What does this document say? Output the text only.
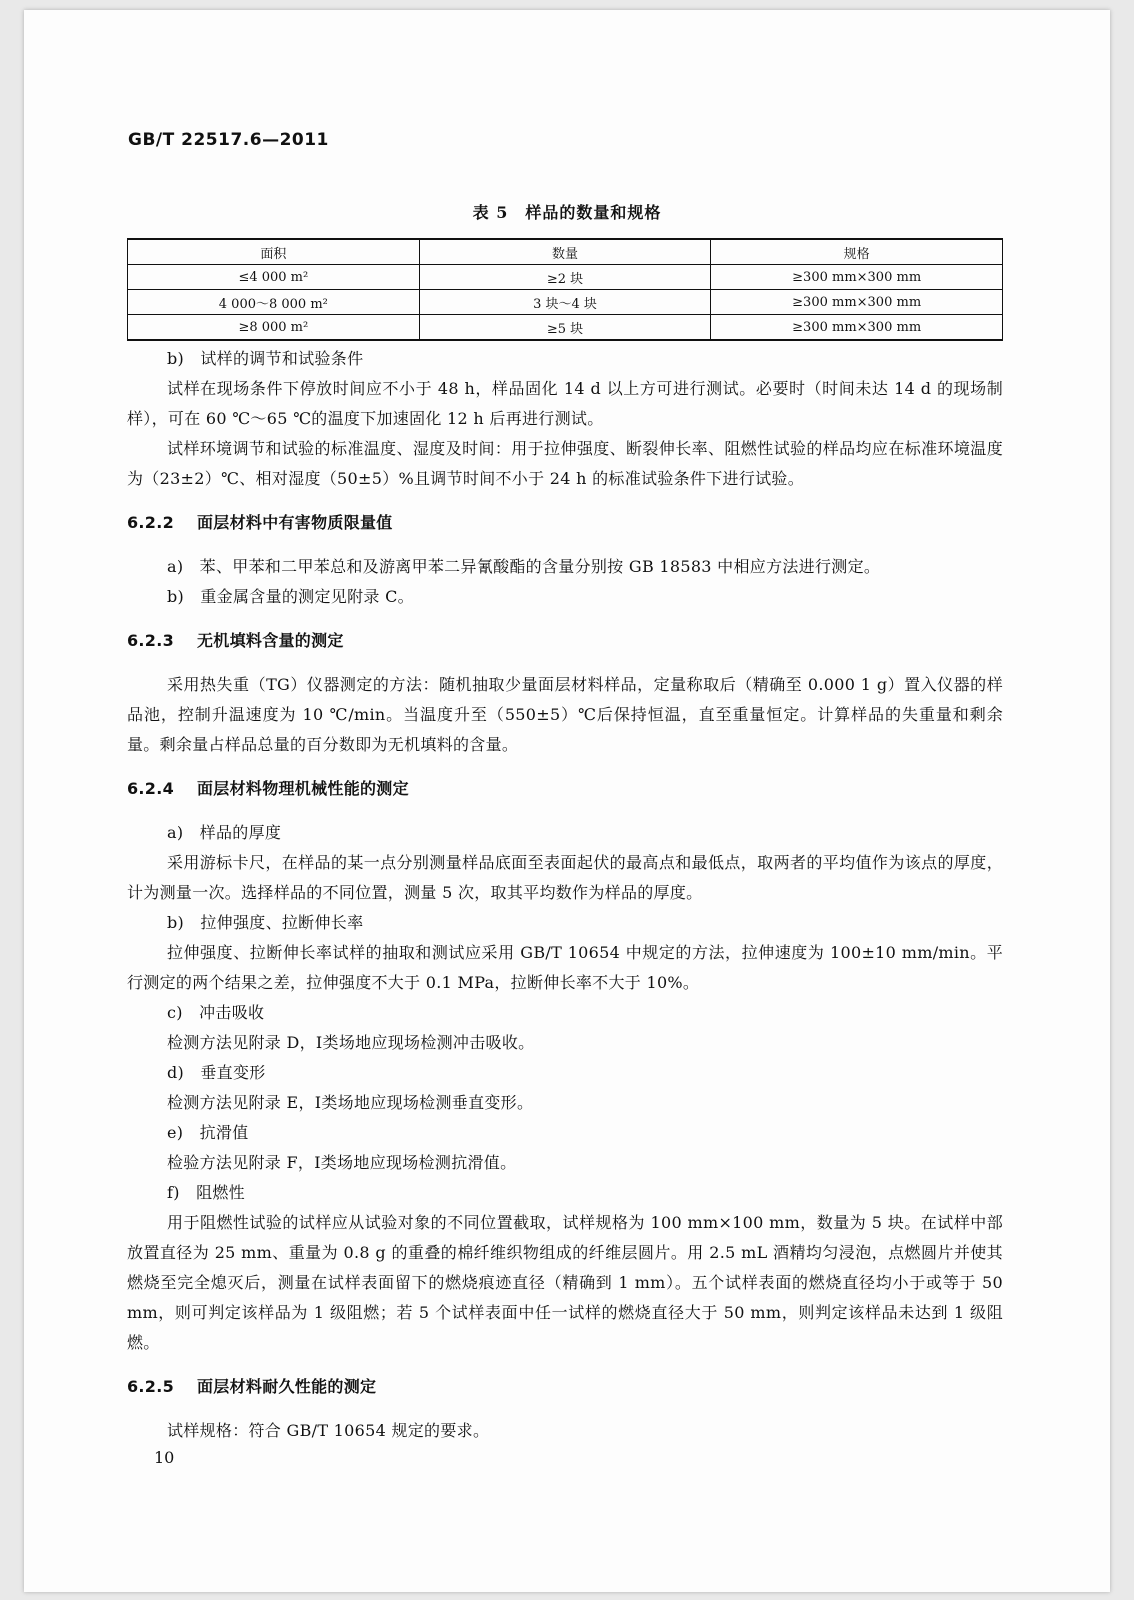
GB/T 22517.6—2011
表 5　样品的数量和规格
面积	数量	规格
≤4 000 m²	≥2 块	≥300 mm×300 mm
4 000～8 000 m²	3 块～4 块	≥300 mm×300 mm
≥8 000 m²	≥5 块	≥300 mm×300 mm

b)　试样的调节和试验条件

试样在现场条件下停放时间应不小于 48 h，样品固化 14 d 以上方可进行测试。必要时（时间未达 14 d 的现场制样），可在 60 ℃～65 ℃的温度下加速固化 12 h 后再进行测试。

试样环境调节和试验的标准温度、湿度及时间：用于拉伸强度、断裂伸长率、阻燃性试验的样品均应在标准环境温度为（23±2）℃、相对湿度（50±5）%且调节时间不小于 24 h 的标准试验条件下进行试验。

6.2.2 面层材料中有害物质限量值

a)　苯、甲苯和二甲苯总和及游离甲苯二异氰酸酯的含量分别按 GB 18583 中相应方法进行测定。

b)　重金属含量的测定见附录 C。

6.2.3 无机填料含量的测定

采用热失重（TG）仪器测定的方法：随机抽取少量面层材料样品，定量称取后（精确至 0.000 1 g）置入仪器的样品池，控制升温速度为 10 ℃/min。当温度升至（550±5）℃后保持恒温，直至重量恒定。计算样品的失重量和剩余量。剩余量占样品总量的百分数即为无机填料的含量。

6.2.4 面层材料物理机械性能的测定

a)　样品的厚度

采用游标卡尺，在样品的某一点分别测量样品底面至表面起伏的最高点和最低点，取两者的平均值作为该点的厚度，计为测量一次。选择样品的不同位置，测量 5 次，取其平均数作为样品的厚度。

b)　拉伸强度、拉断伸长率

拉伸强度、拉断伸长率试样的抽取和测试应采用 GB/T 10654 中规定的方法，拉伸速度为 100±10 mm/min。平行测定的两个结果之差，拉伸强度不大于 0.1 MPa，拉断伸长率不大于 10%。

c)　冲击吸收

检测方法见附录 D，Ⅰ类场地应现场检测冲击吸收。

d)　垂直变形

检测方法见附录 E，Ⅰ类场地应现场检测垂直变形。

e)　抗滑值

检验方法见附录 F，Ⅰ类场地应现场检测抗滑值。

f)　阻燃性

用于阻燃性试验的试样应从试验对象的不同位置截取，试样规格为 100 mm×100 mm，数量为 5 块。在试样中部放置直径为 25 mm、重量为 0.8 g 的重叠的棉纤维织物组成的纤维层圆片。用 2.5 mL 酒精均匀浸泡，点燃圆片并使其燃烧至完全熄灭后，测量在试样表面留下的燃烧痕迹直径（精确到 1 mm）。五个试样表面的燃烧直径均小于或等于 50 mm，则可判定该样品为 1 级阻燃；若 5 个试样表面中任一试样的燃烧直径大于 50 mm，则判定该样品未达到 1 级阻燃。

6.2.5 面层材料耐久性能的测定

试样规格：符合 GB/T 10654 规定的要求。

10
